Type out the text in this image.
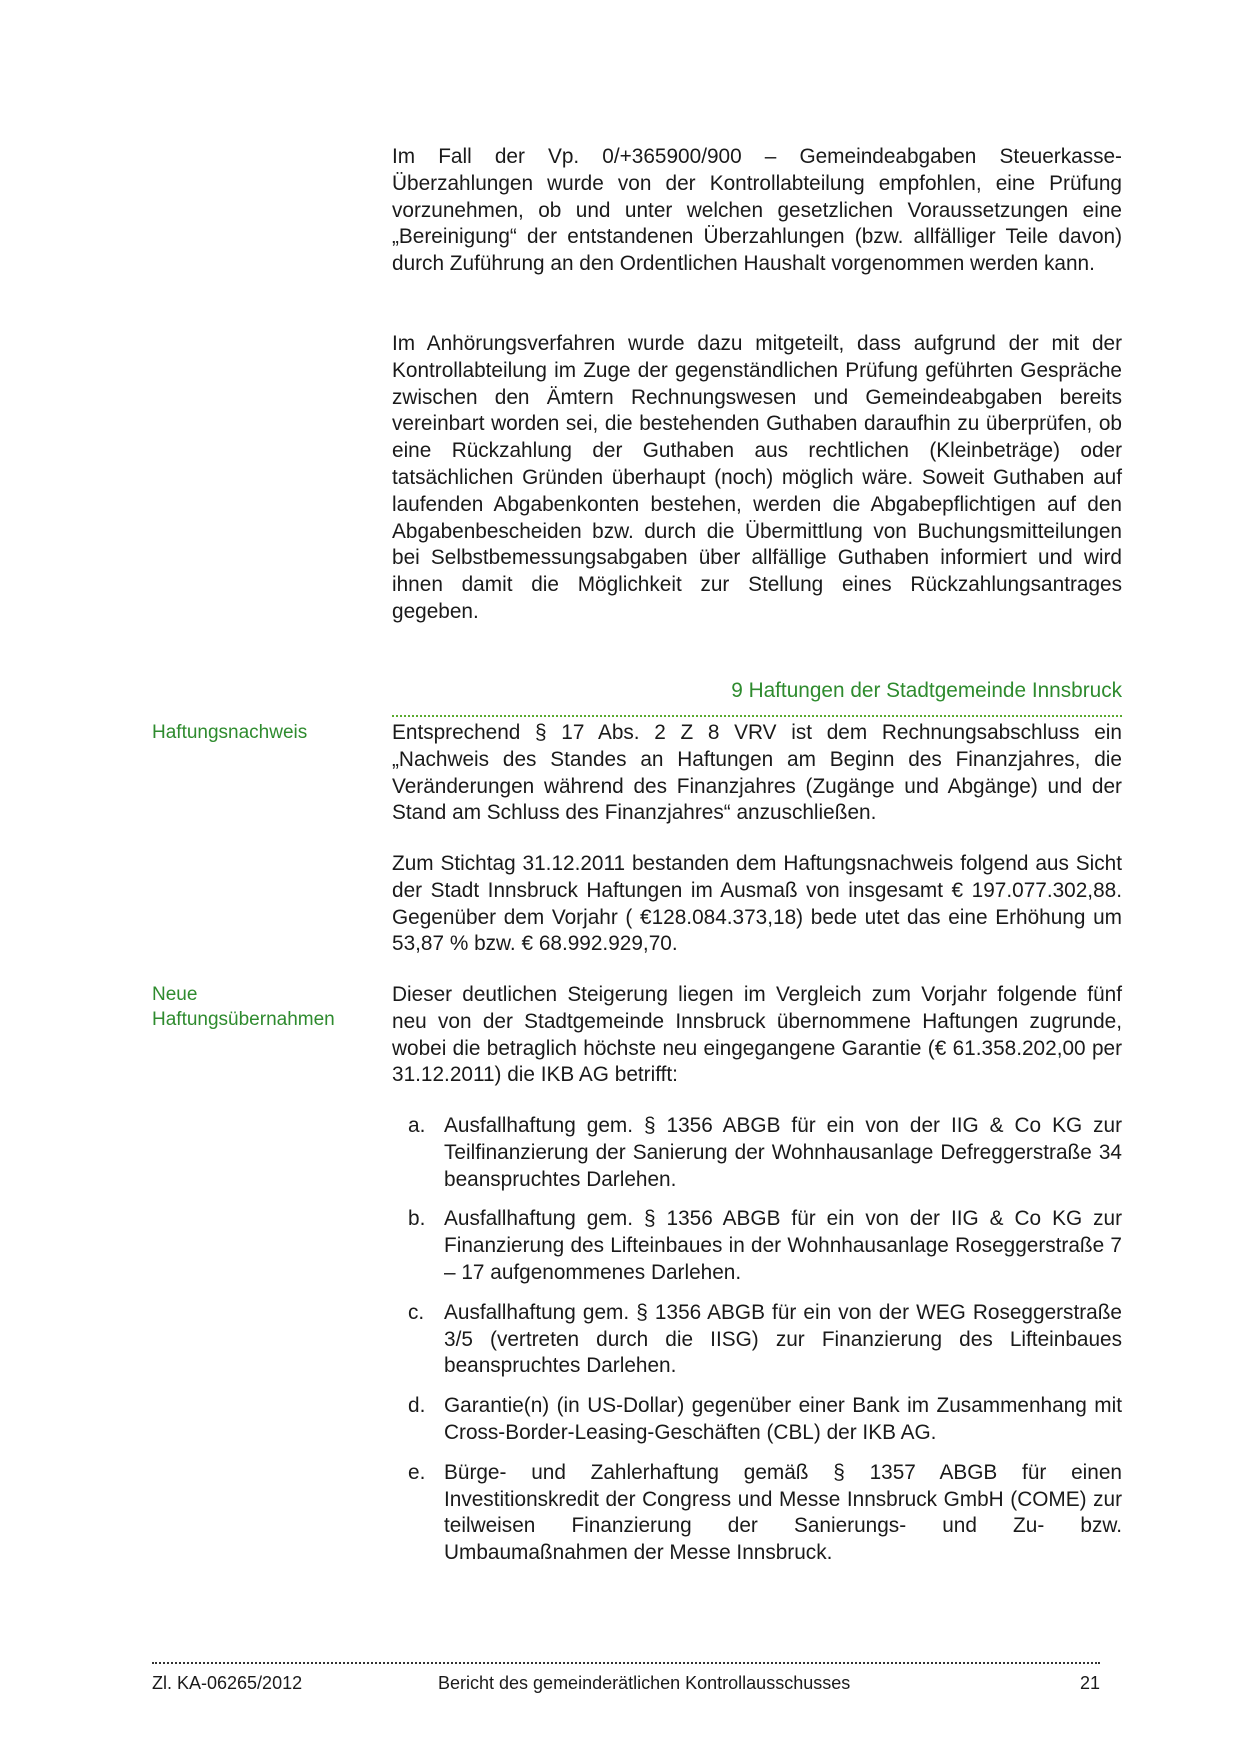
Im Fall der Vp. 0/+365900/900 – Gemeindeabgaben Steuerkasse-Überzahlungen wurde von der Kontrollabteilung empfohlen, eine Prüfung vorzunehmen, ob und unter welchen gesetzlichen Voraussetzungen eine „Bereinigung“ der entstandenen Überzahlungen (bzw. allfälliger Teile davon) durch Zuführung an den Ordentlichen Haushalt vorgenommen werden kann.

Im Anhörungsverfahren wurde dazu mitgeteilt, dass aufgrund der mit der Kontrollabteilung im Zuge der gegenständlichen Prüfung geführten Gespräche zwischen den Ämtern Rechnungswesen und Gemeindeabgaben bereits vereinbart worden sei, die bestehenden Guthaben daraufhin zu überprüfen, ob eine Rückzahlung der Guthaben aus rechtlichen (Kleinbeträge) oder tatsächlichen Gründen überhaupt (noch) möglich wäre. Soweit Guthaben auf laufenden Abgabenkonten bestehen, werden die Abgabepflichtigen auf den Abgabenbescheiden bzw. durch die Übermittlung von Buchungsmitteilungen bei Selbstbemessungsabgaben über allfällige Guthaben informiert und wird ihnen damit die Möglichkeit zur Stellung eines Rückzahlungsantrages gegeben.

9 Haftungen der Stadtgemeinde Innsbruck
Haftungsnachweis	Entsprechend § 17 Abs. 2 Z 8 VRV ist dem Rechnungsabschluss ein „Nachweis des Standes an Haftungen am Beginn des Finanzjahres, die Veränderungen während des Finanzjahres (Zugänge und Abgänge) und der Stand am Schluss des Finanzjahres“ anzuschließen.

Zum Stichtag 31.12.2011 bestanden dem Haftungsnachweis folgend aus Sicht der Stadt Innsbruck Haftungen im Ausmaß von insgesamt € 197.077.302,88. Gegenüber dem Vorjahr ( €128.084.373,18) bede utet das eine Erhöhung um 53,87 % bzw. € 68.992.929,70.

Neue Haftungsübernahmen

Dieser deutlichen Steigerung liegen im Vergleich zum Vorjahr folgende fünf neu von der Stadtgemeinde Innsbruck übernommene Haftungen zugrunde, wobei die betraglich höchste neu eingegangene Garantie (€ 61.358.202,00 per 31.12.2011) die IKB AG betrifft:

a. Ausfallhaftung gem. § 1356 ABGB für ein von der IIG & Co KG zur Teilfinanzierung der Sanierung der Wohnhausanlage Defreggerstraße 34 beanspruchtes Darlehen.
b. Ausfallhaftung gem. § 1356 ABGB für ein von der IIG & Co KG zur Finanzierung des Lifteinbaues in der Wohnhausanlage Roseggerstraße 7 – 17 aufgenommenes Darlehen.
c. Ausfallhaftung gem. § 1356 ABGB für ein von der WEG Roseggerstraße 3/5 (vertreten durch die IISG) zur Finanzierung des Lifteinbaues beanspruchtes Darlehen.
d. Garantie(n) (in US-Dollar) gegenüber einer Bank im Zusammenhang mit Cross-Border-Leasing-Geschäften (CBL) der IKB AG.
e. Bürge- und Zahlerhaftung gemäß § 1357 ABGB für einen Investitionskredit der Congress und Messe Innsbruck GmbH (COME) zur teilweisen Finanzierung der Sanierungs- und Zu- bzw. Umbaumaßnahmen der Messe Innsbruck.
Zl. KA-06265/2012	Bericht des gemeinderätlichen Kontrollausschusses	21
